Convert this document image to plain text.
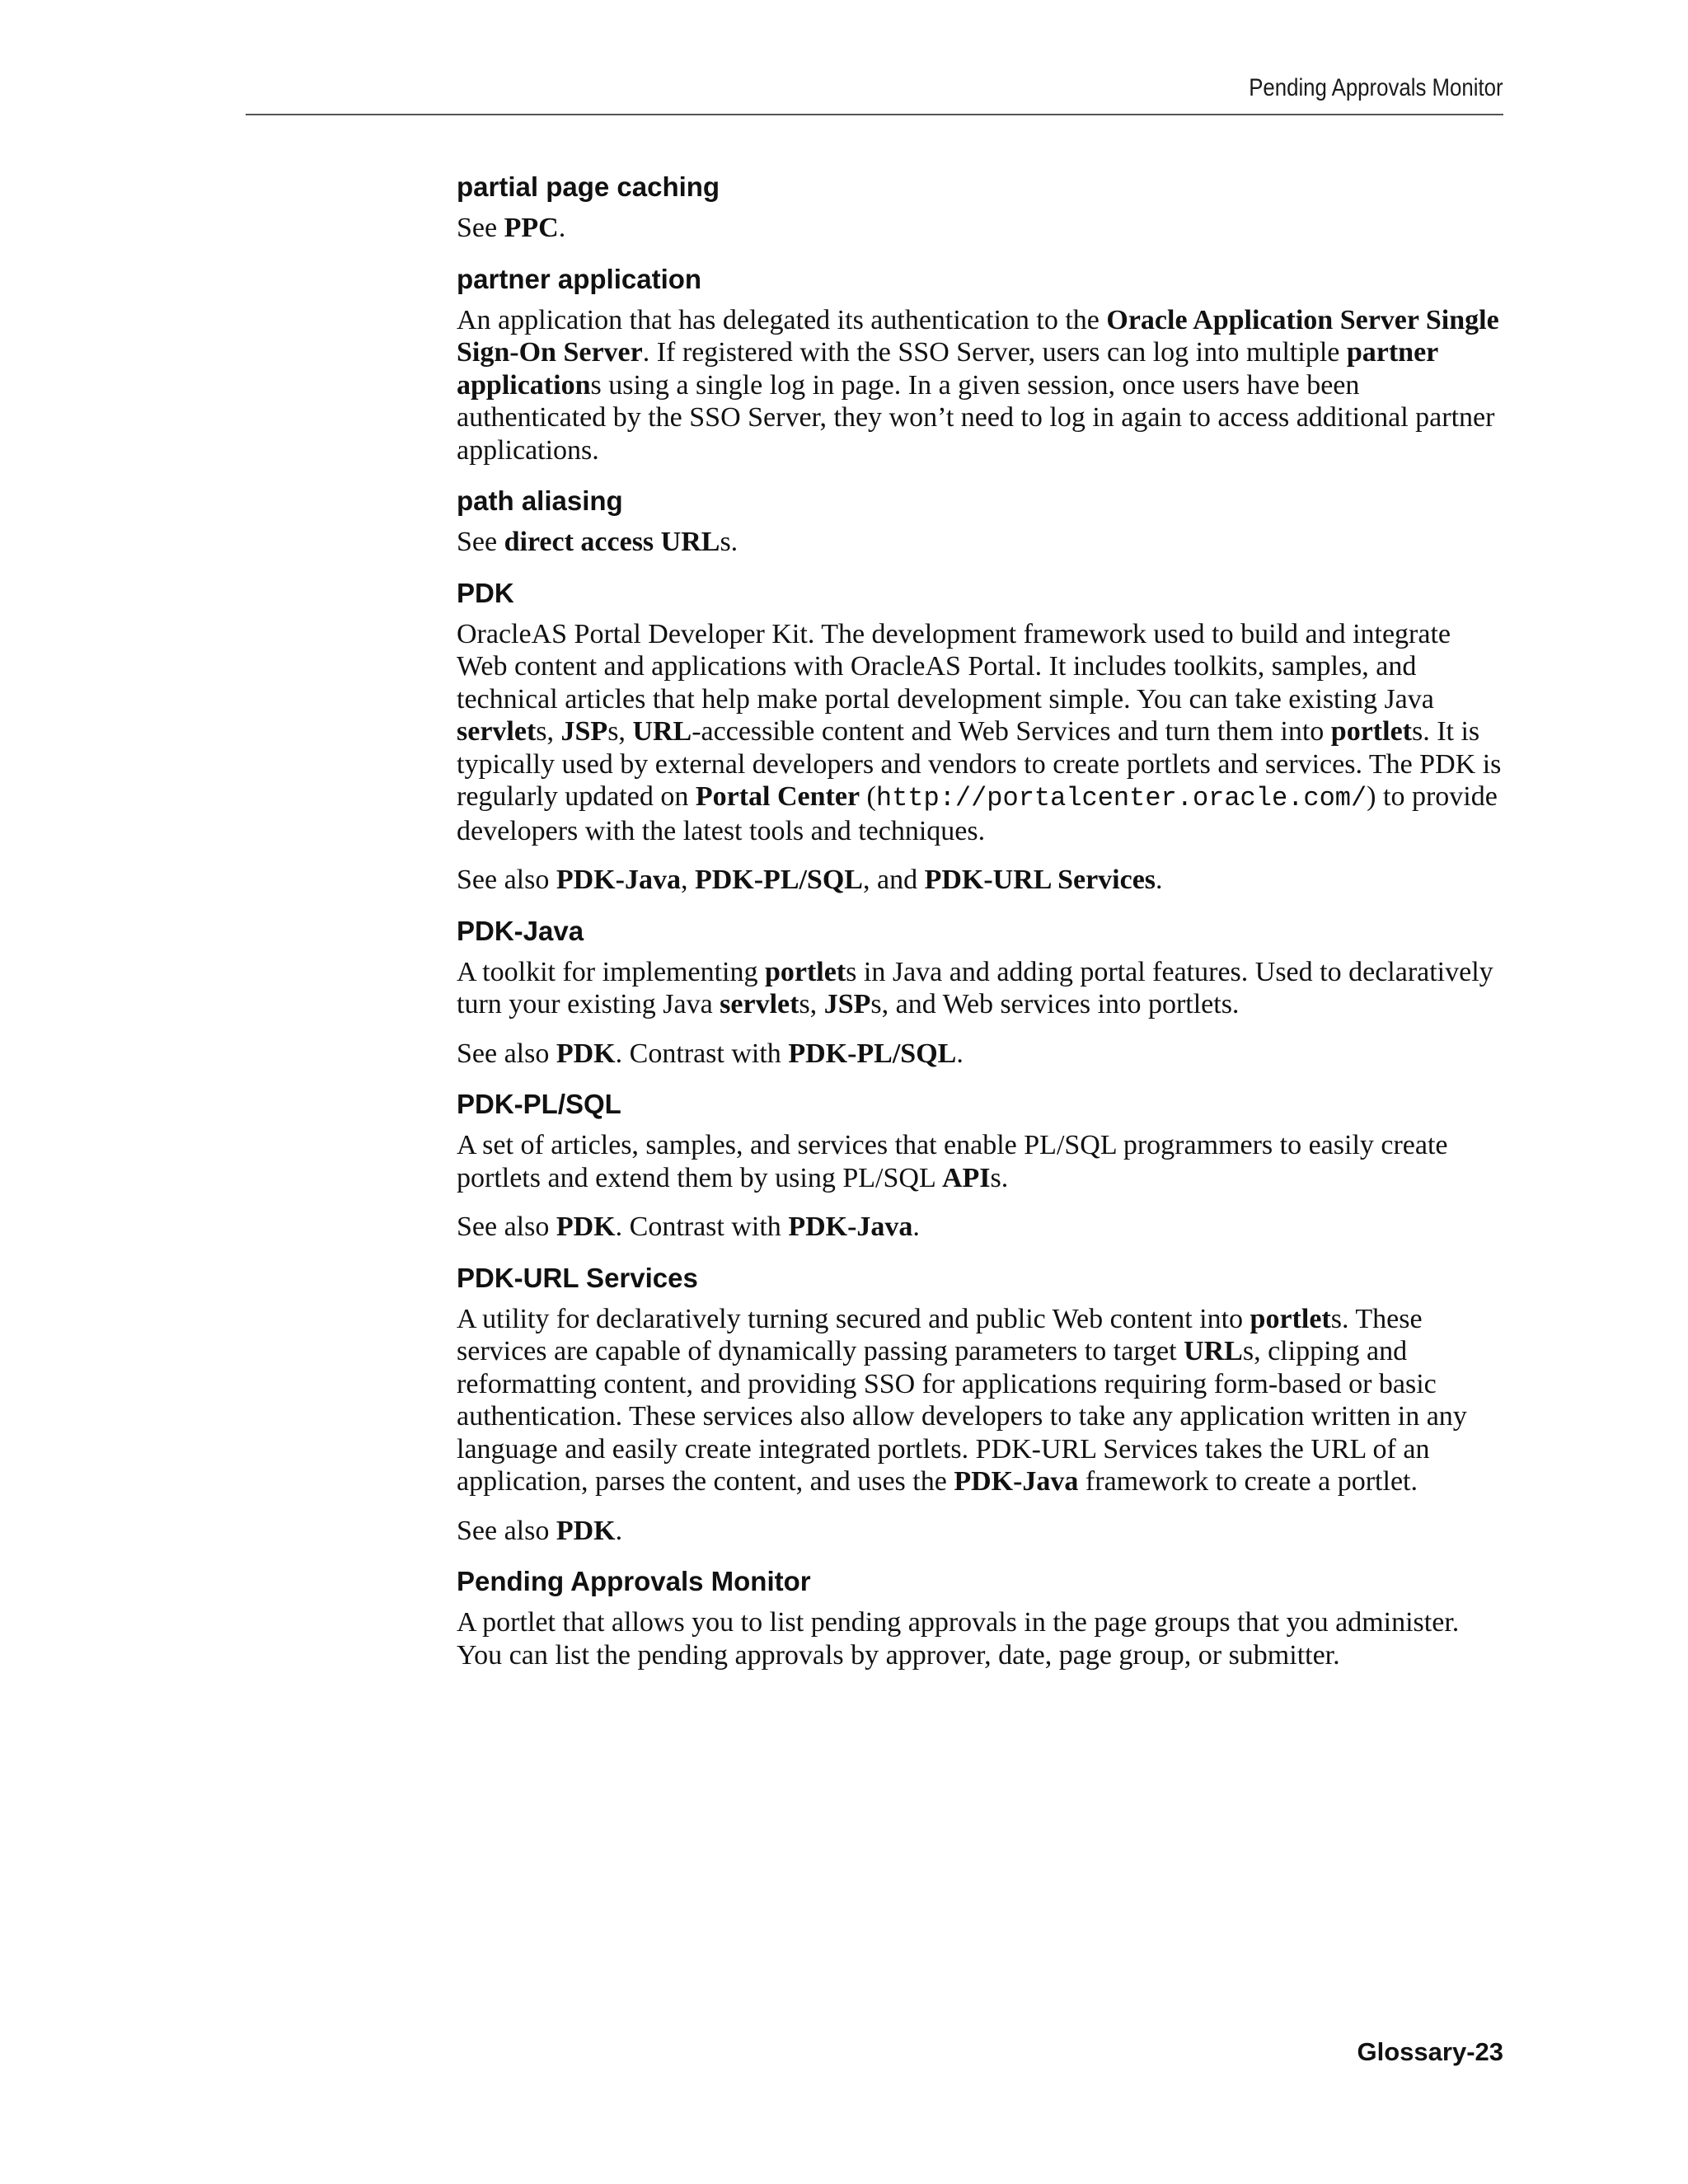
Pending Approvals Monitor
partial page caching

See PPC.

partner application

An application that has delegated its authentication to the Oracle Application Server Single Sign-On Server. If registered with the SSO Server, users can log into multiple partner applications using a single log in page. In a given session, once users have been authenticated by the SSO Server, they won’t need to log in again to access additional partner applications.

path aliasing

See direct access URLs.

PDK

OracleAS Portal Developer Kit. The development framework used to build and integrate Web content and applications with OracleAS Portal. It includes toolkits, samples, and technical articles that help make portal development simple. You can take existing Java servlets, JSPs, URL-accessible content and Web Services and turn them into portlets. It is typically used by external developers and vendors to create portlets and services. The PDK is regularly updated on Portal Center (http://portalcenter.oracle.com/) to provide developers with the latest tools and techniques.

See also PDK-Java, PDK-PL/SQL, and PDK-URL Services.

PDK-Java

A toolkit for implementing portlets in Java and adding portal features. Used to declaratively turn your existing Java servlets, JSPs, and Web services into portlets.

See also PDK. Contrast with PDK-PL/SQL.

PDK-PL/SQL

A set of articles, samples, and services that enable PL/SQL programmers to easily create portlets and extend them by using PL/SQL APIs.

See also PDK. Contrast with PDK-Java.

PDK-URL Services

A utility for declaratively turning secured and public Web content into portlets. These services are capable of dynamically passing parameters to target URLs, clipping and reformatting content, and providing SSO for applications requiring form-based or basic authentication. These services also allow developers to take any application written in any language and easily create integrated portlets. PDK-URL Services takes the URL of an application, parses the content, and uses the PDK-Java framework to create a portlet.

See also PDK.

Pending Approvals Monitor

A portlet that allows you to list pending approvals in the page groups that you administer. You can list the pending approvals by approver, date, page group, or submitter.

Glossary-23
